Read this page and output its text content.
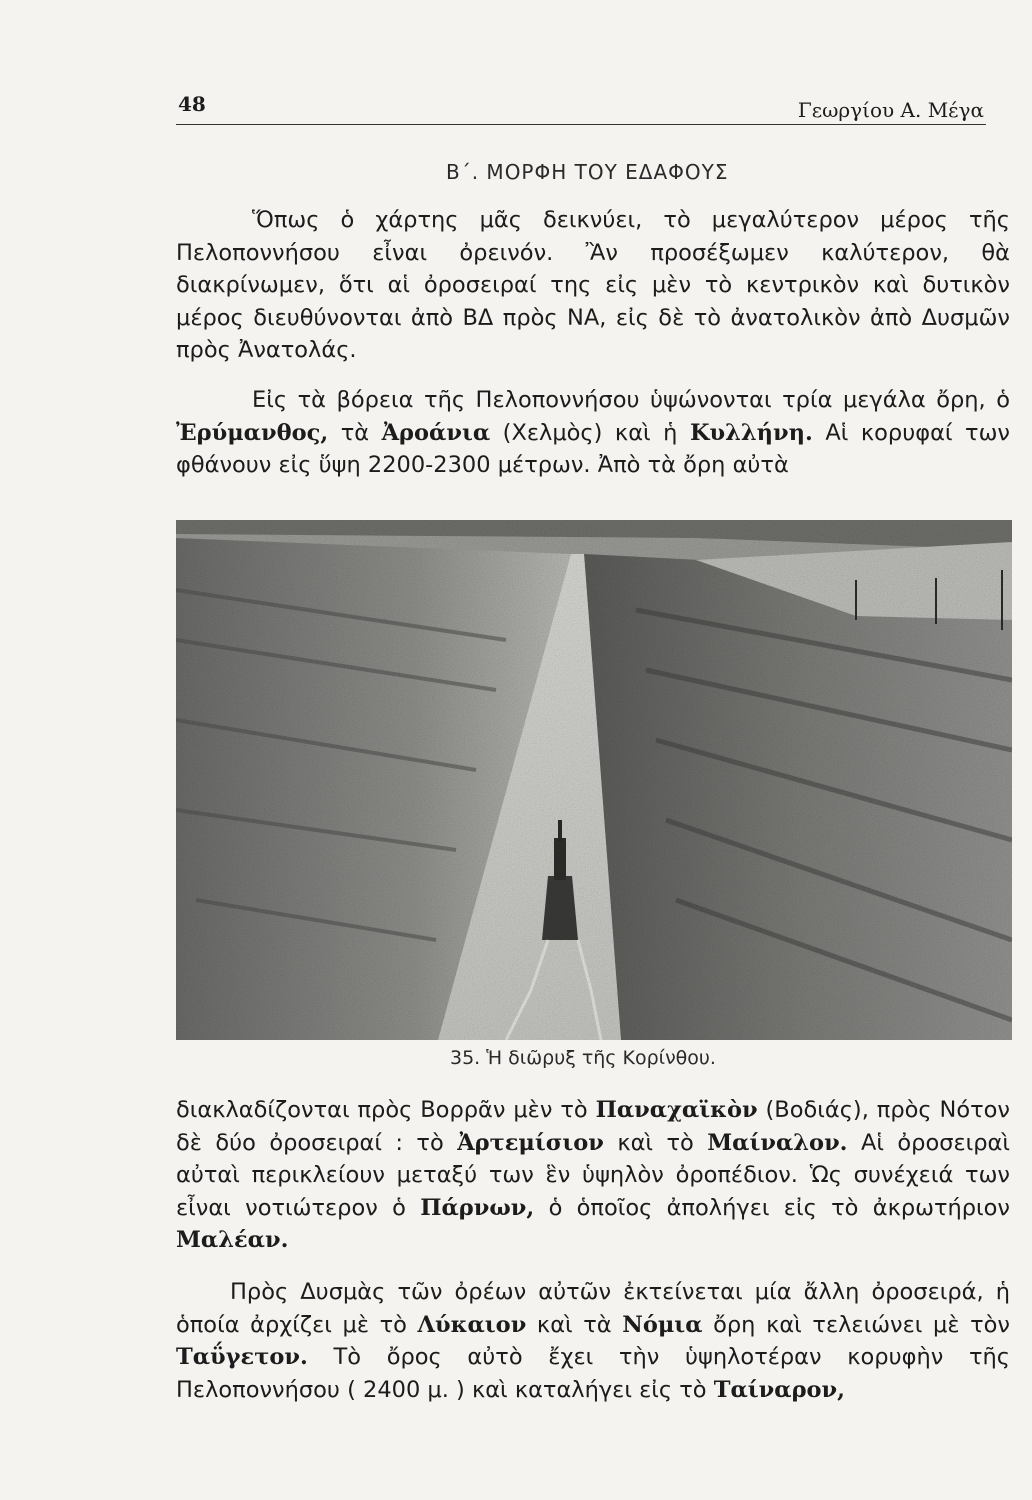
48	Γεωργίου Α. Μέγα
Β΄. ΜΟΡΦΗ ΤΟΥ ΕΔΑΦΟΥΣ

Ὅπως ὁ χάρτης μᾶς δεικνύει, τὸ μεγαλύτερον μέρος τῆς Πελοποννήσου εἶναι ὀρεινόν. Ἂν προσέξωμεν καλύτερον, θὰ διακρίνωμεν, ὅτι αἱ ὀροσειραί της εἰς μὲν τὸ κεντρικὸν καὶ δυτικὸν μέρος διευθύνονται ἀπὸ ΒΔ πρὸς ΝΑ, εἰς δὲ τὸ ἀνατολικὸν ἀπὸ Δυσμῶν πρὸς Ἀνατολάς.

Εἰς τὰ βόρεια τῆς Πελοποννήσου ὑψώνονται τρία μεγάλα ὄρη, ὁ Ἐρύμανθος, τὰ Ἀροάνια (Χελμὸς) καὶ ἡ Κυλλήνη. Αἱ κορυφαί των φθάνουν εἰς ὕψη 2200-2300 μέτρων. Ἀπὸ τὰ ὄρη αὐτὰ

35. Ἡ διῶρυξ τῆς Κορίνθου.

διακλαδίζονται πρὸς Βορρᾶν μὲν τὸ Παναχαϊκὸν (Βοδιάς), πρὸς Νότον δὲ δύο ὀροσειραί : τὸ Ἀρτεμίσιον καὶ τὸ Μαίναλον. Αἱ ὀροσειραὶ αὐταὶ περικλείουν μεταξύ των ἓν ὑψηλὸν ὀροπέδιον. Ὡς συνέχειά των εἶναι νοτιώτερον ὁ Πάρνων, ὁ ὁποῖος ἀπολήγει εἰς τὸ ἀκρωτήριον Μαλέαν.

Πρὸς Δυσμὰς τῶν ὀρέων αὐτῶν ἐκτείνεται μία ἄλλη ὀροσειρά, ἡ ὁποία ἀρχίζει μὲ τὸ Λύκαιον καὶ τὰ Νόμια ὄρη καὶ τελειώνει μὲ τὸν Ταΰγετον. Τὸ ὄρος αὐτὸ ἔχει τὴν ὑψηλοτέραν κορυφὴν τῆς Πελοποννήσου ( 2400 μ. ) καὶ καταλήγει εἰς τὸ Ταίναρον,
